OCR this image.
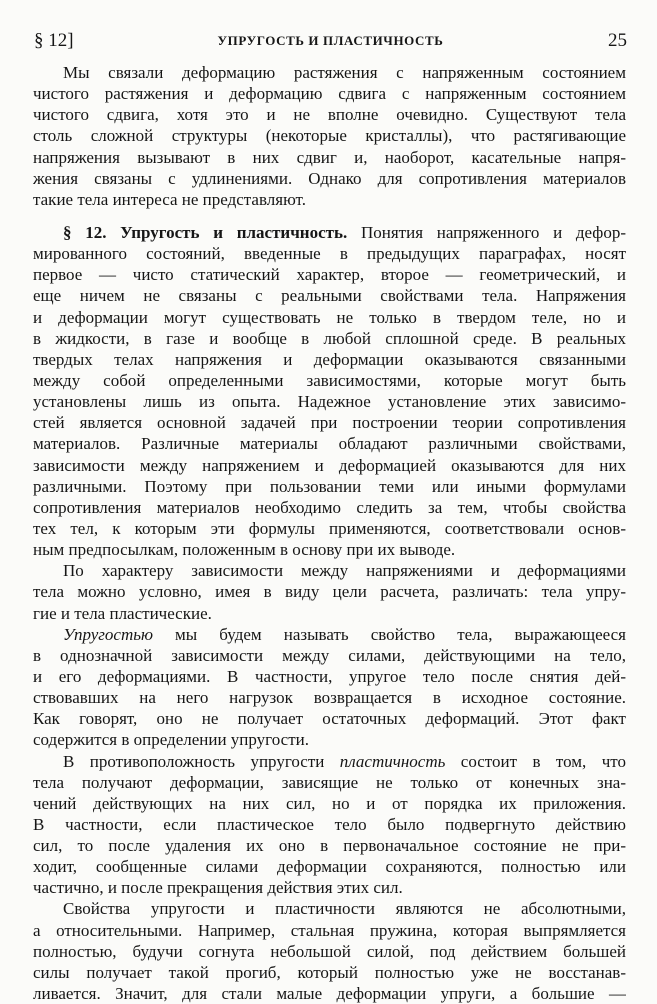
§ 12]	УПРУГОСТЬ И ПЛАСТИЧНОСТЬ	25
Мы связали деформацию растяжения с напряженным состоянием
чистого растяжения и деформацию сдвига с напряженным состоянием
чистого сдвига, хотя это и не вполне очевидно. Существуют тела
столь сложной структуры (некоторые кристаллы), что растягивающие
напряжения вызывают в них сдвиг и, наоборот, касательные напря-
жения связаны с удлинениями. Однако для сопротивления материалов
такие тела интереса не представляют.
§ 12. Упругость и пластичность. Понятия напряженного и дефор-
мированного состояний, введенные в предыдущих параграфах, носят
первое — чисто статический характер, второе — геометрический, и
еще ничем не связаны с реальными свойствами тела. Напряжения
и деформации могут существовать не только в твердом теле, но и
в жидкости, в газе и вообще в любой сплошной среде. В реальных
твердых телах напряжения и деформации оказываются связанными
между собой определенными зависимостями, которые могут быть
установлены лишь из опыта. Надежное установление этих зависимо-
стей является основной задачей при построении теории сопротивления
материалов. Различные материалы обладают различными свойствами,
зависимости между напряжением и деформацией оказываются для них
различными. Поэтому при пользовании теми или иными формулами
сопротивления материалов необходимо следить за тем, чтобы свойства
тех тел, к которым эти формулы применяются, соответствовали основ-
ным предпосылкам, положенным в основу при их выводе.
По характеру зависимости между напряжениями и деформациями
тела можно условно, имея в виду цели расчета, различать: тела упру-
гие и тела пластические.
Упругостью мы будем называть свойство тела, выражающееся
в однозначной зависимости между силами, действующими на тело,
и его деформациями. В частности, упругое тело после снятия дей-
ствовавших на него нагрузок возвращается в исходное состояние.
Как говорят, оно не получает остаточных деформаций. Этот факт
содержится в определении упругости.
В противоположность упругости пластичность состоит в том, что
тела получают деформации, зависящие не только от конечных зна-
чений действующих на них сил, но и от порядка их приложения.
В частности, если пластическое тело было подвергнуто действию
сил, то после удаления их оно в первоначальное состояние не при-
ходит, сообщенные силами деформации сохраняются, полностью или
частично, и после прекращения действия этих сил.
Свойства упругости и пластичности являются не абсолютными,
а относительными. Например, стальная пружина, которая выпрямляется
полностью, будучи согнута небольшой силой, под действием большей
силы получает такой прогиб, который полностью уже не восстанав-
ливается. Значит, для стали малые деформации упруги, а большие —
